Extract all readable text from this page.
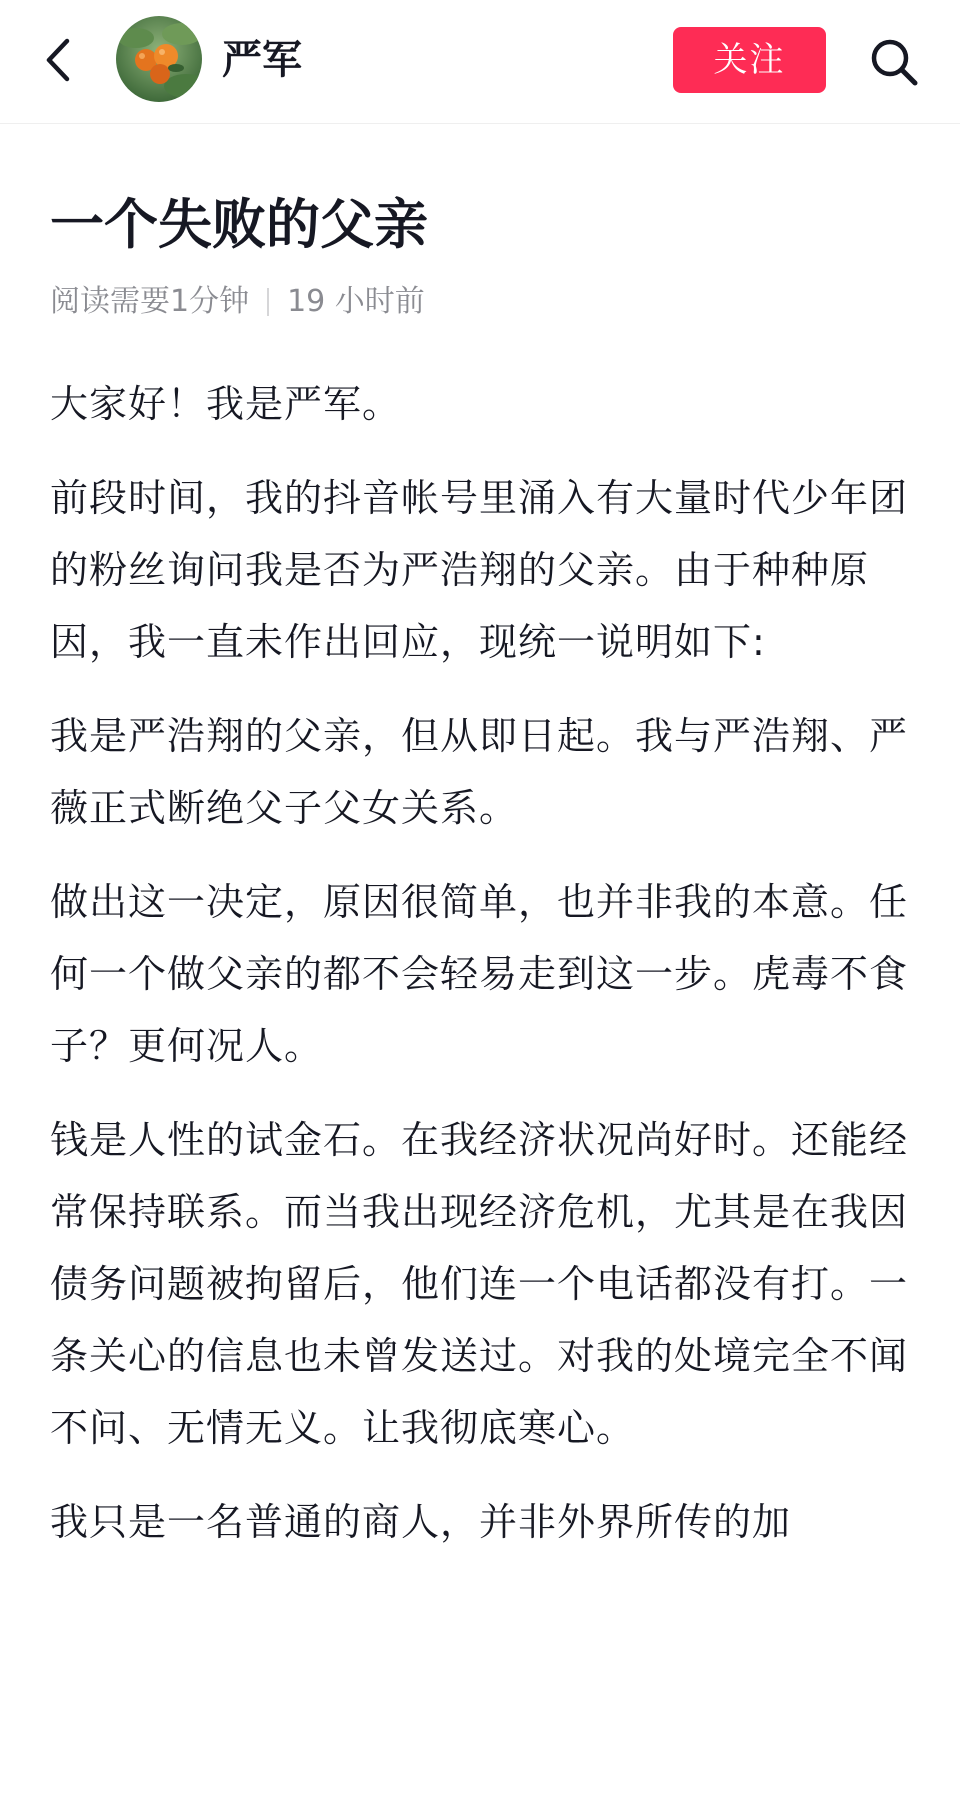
严军	关注
一个失败的父亲
阅读需要1分钟 19 小时前

大家好！我是严军。

前段时间，我的抖音帐号里涌入有大量时代少年团的粉丝询问我是否为严浩翔的父亲。由于种种原因，我一直未作出回应，现统一说明如下:

我是严浩翔的父亲，但从即日起。我与严浩翔、严薇正式断绝父子父女关系。

做出这一决定，原因很简单，也并非我的本意。任何一个做父亲的都不会轻易走到这一步。虎毒不食子？更何况人。

钱是人性的试金石。在我经济状况尚好时。还能经常保持联系。而当我出现经济危机，尤其是在我因债务问题被拘留后，他们连一个电话都没有打。一条关心的信息也未曾发送过。对我的处境完全不闻不问、无情无义。让我彻底寒心。

我只是一名普通的商人，并非外界所传的加
